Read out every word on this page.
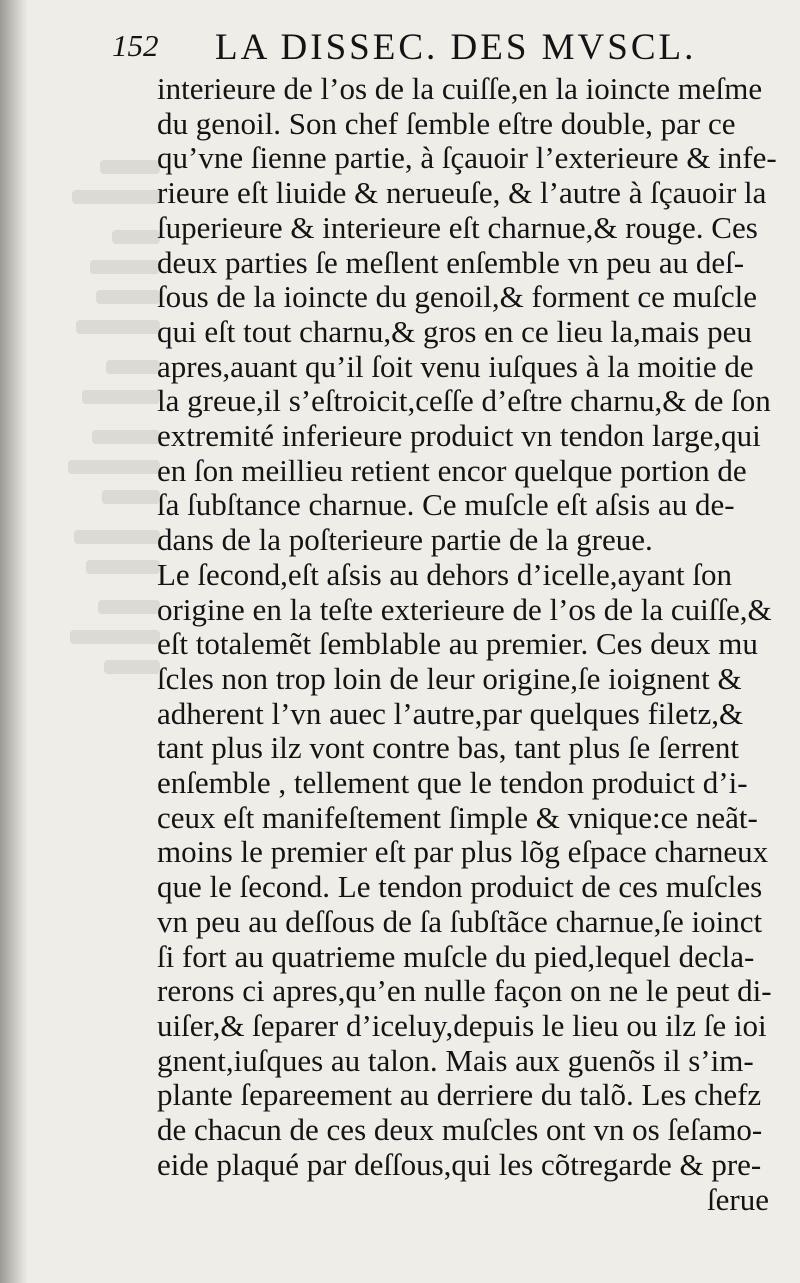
152 LA DISSEC. DES MVSCL.
interieure de l’os de la cuiſſe,en la ioincte meſme
du genoil. Son chef ſemble eſtre double, par ce
qu’vne ſienne partie, à ſçauoir l’exterieure & infe-
rieure eſt liuide & nerueuſe, & l’autre à ſçauoir la
ſuperieure & interieure eſt charnue,& rouge. Ces
deux parties ſe meſlent enſemble vn peu au deſ-
ſous de la ioincte du genoil,& forment ce muſcle
qui eſt tout charnu,& gros en ce lieu la,mais peu
apres,auant qu’il ſoit venu iuſques à la moitie de
la greue,il s’eſtroicit,ceſſe d’eſtre charnu,& de ſon
extremité inferieure produict vn tendon large,qui
en ſon meillieu retient encor quelque portion de
ſa ſubſtance charnue. Ce muſcle eſt aſsis au de-
dans de la poſterieure partie de la greue.
Le ſecond,eſt aſsis au dehors d’icelle,ayant ſon
origine en la teſte exterieure de l’os de la cuiſſe,&
eſt totalemẽt ſemblable au premier. Ces deux mu
ſcles non trop loin de leur origine,ſe ioignent &
adherent l’vn auec l’autre,par quelques filetz,&
tant plus ilz vont contre bas, tant plus ſe ſerrent
enſemble , tellement que le tendon produict d’i-
ceux eſt manifeſtement ſimple & vnique:ce neãt-
moins le premier eſt par plus lõg eſpace charneux
que le ſecond. Le tendon produict de ces muſcles
vn peu au deſſous de ſa ſubſtãce charnue,ſe ioinct
ſi fort au quatrieme muſcle du pied,lequel decla-
rerons ci apres,qu’en nulle façon on ne le peut di-
uiſer,& ſeparer d’iceluy,depuis le lieu ou ilz ſe ioi
gnent,iuſques au talon. Mais aux guenõs il s’im-
plante ſepareement au derriere du talõ. Les chefz
de chacun de ces deux muſcles ont vn os ſeſamo-
eide plaqué par deſſous,qui les cõtregarde & pre-
ſerue
